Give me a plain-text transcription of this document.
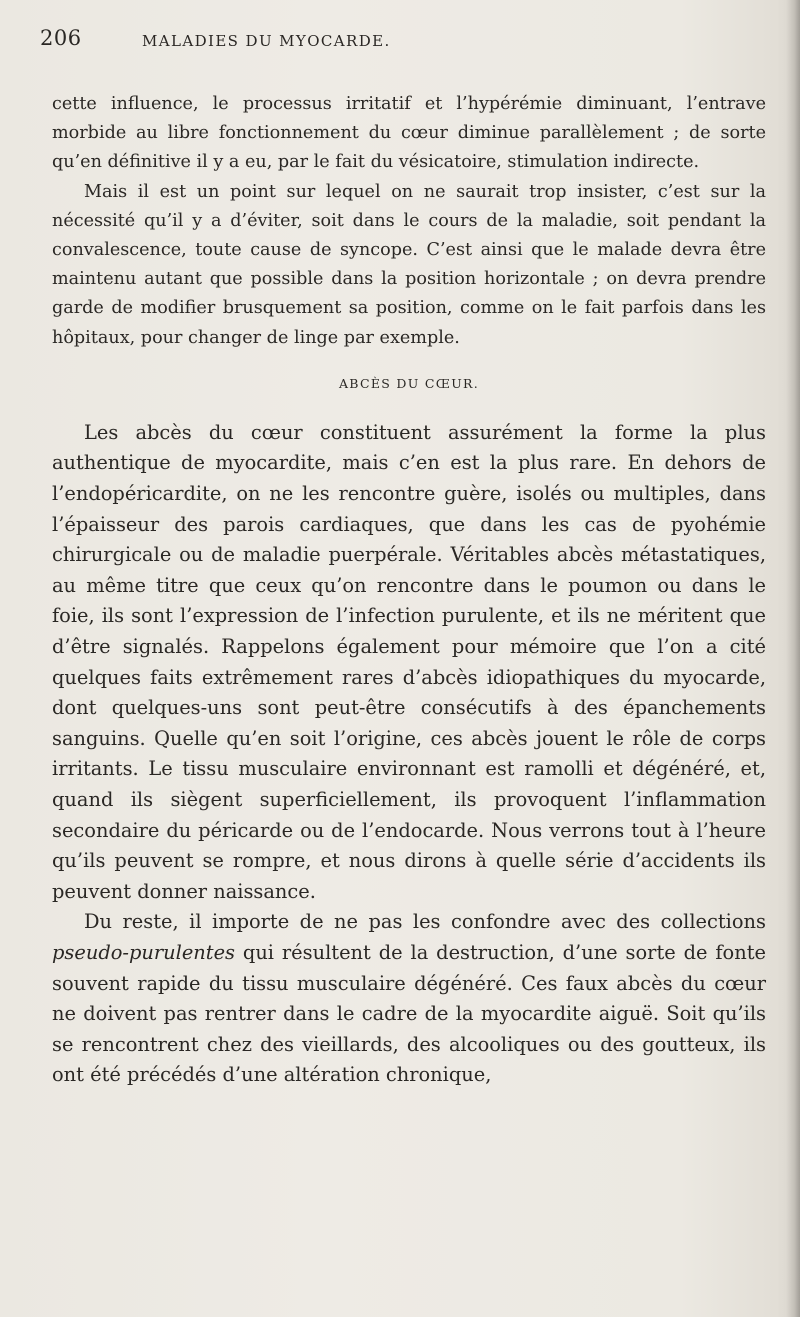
206	MALADIES DU MYOCARDE.

cette influence, le processus irritatif et l’hypérémie diminuant, l’entrave morbide au libre fonctionnement du cœur diminue parallèlement ; de sorte qu’en définitive il y a eu, par le fait du vésicatoire, stimulation indirecte.

Mais il est un point sur lequel on ne saurait trop insister, c’est sur la nécessité qu’il y a d’éviter, soit dans le cours de la maladie, soit pendant la convalescence, toute cause de syncope. C’est ainsi que le malade devra être maintenu autant que possible dans la position horizontale ; on devra prendre garde de modifier brusquement sa position, comme on le fait parfois dans les hôpitaux, pour changer de linge par exemple.

ABCÈS DU CŒUR.

Les abcès du cœur constituent assurément la forme la plus authentique de myocardite, mais c’en est la plus rare. En dehors de l’endopéricardite, on ne les rencontre guère, isolés ou multiples, dans l’épaisseur des parois cardiaques, que dans les cas de pyohémie chirurgicale ou de maladie puerpérale. Véritables abcès métastatiques, au même titre que ceux qu’on rencontre dans le poumon ou dans le foie, ils sont l’expression de l’infection purulente, et ils ne méritent que d’être signalés. Rappelons également pour mémoire que l’on a cité quelques faits extrêmement rares d’abcès idiopathiques du myocarde, dont quelques-uns sont peut-être consécutifs à des épanchements sanguins. Quelle qu’en soit l’origine, ces abcès jouent le rôle de corps irritants. Le tissu musculaire environnant est ramolli et dégénéré, et, quand ils siègent superficiellement, ils provoquent l’inflammation secondaire du péricarde ou de l’endocarde. Nous verrons tout à l’heure qu’ils peuvent se rompre, et nous dirons à quelle série d’accidents ils peuvent donner naissance.

Du reste, il importe de ne pas les confondre avec des collections pseudo-purulentes qui résultent de la destruction, d’une sorte de fonte souvent rapide du tissu musculaire dégénéré. Ces faux abcès du cœur ne doivent pas rentrer dans le cadre de la myocardite aiguë. Soit qu’ils se rencontrent chez des vieillards, des alcooliques ou des goutteux, ils ont été précédés d’une altération chronique,
